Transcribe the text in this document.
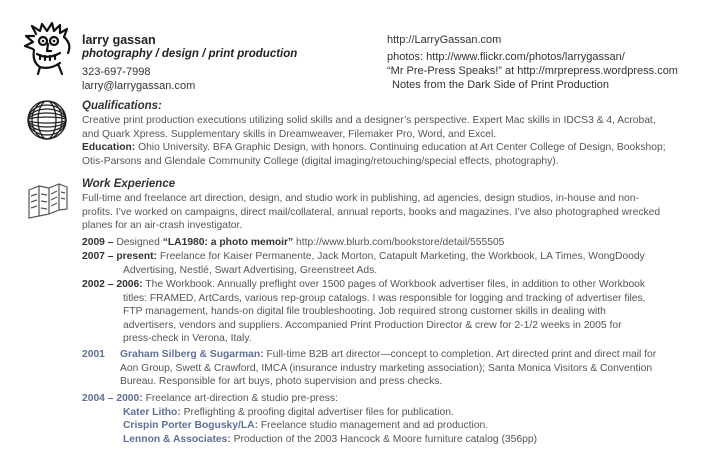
larry gassan
photography / design / print production
323-697-7998
larry@larrygassan.com
http://LarryGassan.com
photos: http://www.flickr.com/photos/larrygassan/
“Mr Pre-Press Speaks!” at http://mrprepress.wordpress.com
Notes from the Dark Side of Print Production
Qualifications:
Creative print production executions utilizing solid skills and a designer’s perspective. Expert Mac skills in IDCS3 & 4, Acrobat,
and Quark Xpress. Supplementary skills in Dreamweaver, Filemaker Pro, Word, and Excel.
Education: Ohio University. BFA Graphic Design, with honors. Continuing education at Art Center College of Design, Bookshop;
Otis-Parsons and Glendale Community College (digital imaging/retouching/special effects, photography).
Work Experience
Full-time and freelance art direction, design, and studio work in publishing, ad agencies, design studios, in-house and non-
profits. I’ve worked on campaigns, direct mail/collateral, annual reports, books and magazines. I’ve also photographed wrecked
planes for an air-crash investigator.
2009 – Designed “LA1980: a photo memoir” http://www.blurb.com/bookstore/detail/555505
2007 – present: Freelance for Kaiser Permanente, Jack Morton, Catapult Marketing, the Workbook, LA Times, WongDoody
Advertising, Nestlé, Swart Advertising, Greenstreet Ads.
2002 – 2006: The Workbook. Annually preflight over 1500 pages of Workbook advertiser files, in addition to other Workbook
titles: FRAMED, ArtCards, various rep-group catalogs. I was responsible for logging and tracking of advertiser files,
FTP management, hands-on digital file troubleshooting. Job required strong customer skills in dealing with
advertisers, vendors and suppliers. Accompanied Print Production Director & crew for 2-1/2 weeks in 2005 for
press-check in Verona, Italy.
2001	Graham Silberg & Sugarman: Full-time B2B art director—concept to completion. Art directed print and direct mail for
Aon Group, Swett & Crawford, IMCA (insurance industry marketing association); Santa Monica Visitors & Convention
Bureau. Responsible for art buys, photo supervision and press checks.
2004 – 2000: Freelance art-direction & studio pre-press:
Kater Litho: Preflighting & proofing digital advertiser files for publication.
Crispin Porter Bogusky/LA: Freelance studio management and ad production.
Lennon & Associates: Production of the 2003 Hancock & Moore furniture catalog (356pp)
